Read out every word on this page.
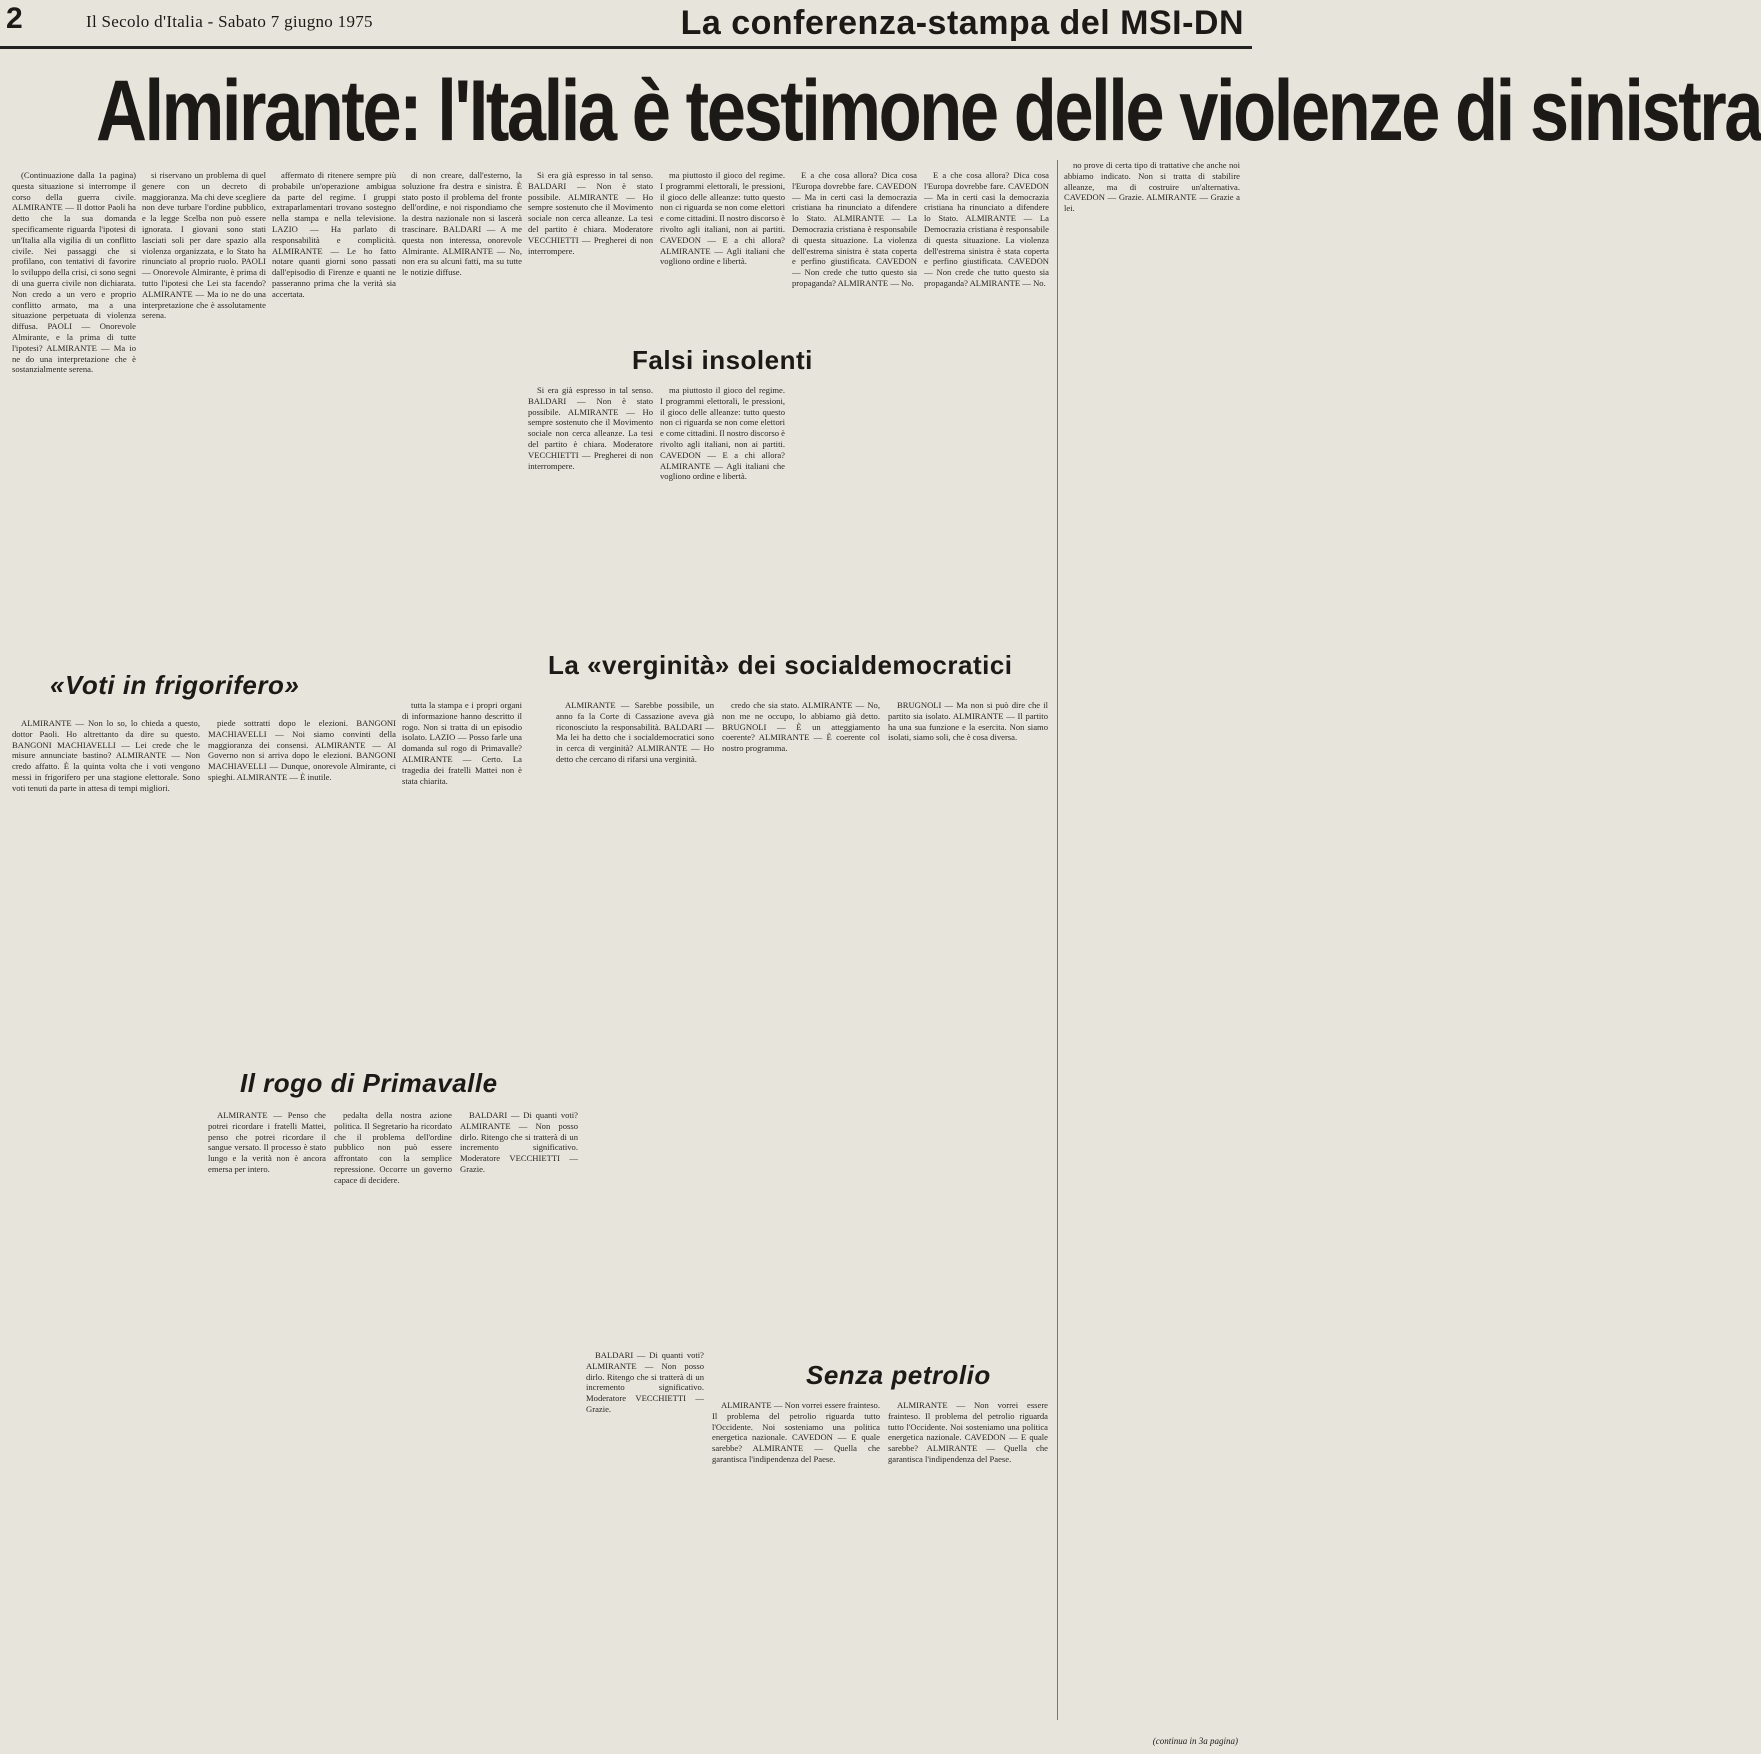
2	Il Secolo d'Italia - Sabato 7 giugno 1975	La conferenza-stampa del MSI-DN
Almirante: l'Italia è testimone delle violenze di sinistra

(Continuazione dalla 1a pagina) questa situazione si interrompe il corso della guerra civile. ALMIRANTE — Il dottor Paoli ha detto che la sua domanda specificamente riguarda l'ipotesi di un'Italia alla vigilia di un conflitto civile. Nei passaggi che si profilano, con tentativi di favorire lo sviluppo della crisi, ci sono segni di una guerra civile non dichiarata. Non credo a un vero e proprio conflitto armato, ma a una situazione perpetuata di violenza diffusa. PAOLI — Onorevole Almirante, e la prima di tutte l'ipotesi? ALMIRANTE — Ma io ne do una interpretazione che è sostanzialmente serena.

si riservano un problema di quel genere con un decreto di maggioranza. Ma chi deve scegliere non deve turbare l'ordine pubblico, e la legge Scelba non può essere ignorata. I giovani sono stati lasciati soli per dare spazio alla violenza organizzata, e lo Stato ha rinunciato al proprio ruolo. PAOLI — Onorevole Almirante, è prima di tutto l'ipotesi che Lei sta facendo? ALMIRANTE — Ma io ne do una interpretazione che è assolutamente serena.

affermato di ritenere sempre più probabile un'operazione ambigua da parte del regime. I gruppi extraparlamentari trovano sostegno nella stampa e nella televisione. LAZIO — Ha parlato di responsabilità e complicità. ALMIRANTE — Le ho fatto notare quanti giorni sono passati dall'episodio di Firenze e quanti ne passeranno prima che la verità sia accertata.

di non creare, dall'esterno, la soluzione fra destra e sinistra. È stato posto il problema del fronte dell'ordine, e noi rispondiamo che la destra nazionale non si lascerà trascinare. BALDARI — A me questa non interessa, onorevole Almirante. ALMIRANTE — No, non era su alcuni fatti, ma su tutte le notizie diffuse.

Falsi insolenti

Si era già espresso in tal senso. BALDARI — Non è stato possibile. ALMIRANTE — Ho sempre sostenuto che il Movimento sociale non cerca alleanze. La tesi del partito è chiara. Moderatore VECCHIETTI — Pregherei di non interrompere.

Si era già espresso in tal senso. BALDARI — Non è stato possibile. ALMIRANTE — Ho sempre sostenuto che il Movimento sociale non cerca alleanze. La tesi del partito è chiara. Moderatore VECCHIETTI — Pregherei di non interrompere.

ma piuttosto il gioco del regime. I programmi elettorali, le pressioni, il gioco delle alleanze: tutto questo non ci riguarda se non come elettori e come cittadini. Il nostro discorso è rivolto agli italiani, non ai partiti. CAVEDON — E a chi allora? ALMIRANTE — Agli italiani che vogliono ordine e libertà.

ma piuttosto il gioco del regime. I programmi elettorali, le pressioni, il gioco delle alleanze: tutto questo non ci riguarda se non come elettori e come cittadini. Il nostro discorso è rivolto agli italiani, non ai partiti. CAVEDON — E a chi allora? ALMIRANTE — Agli italiani che vogliono ordine e libertà.

E a che cosa allora? Dica cosa l'Europa dovrebbe fare. CAVEDON — Ma in certi casi la democrazia cristiana ha rinunciato a difendere lo Stato. ALMIRANTE — La Democrazia cristiana è responsabile di questa situazione. La violenza dell'estrema sinistra è stata coperta e perfino giustificata. CAVEDON — Non crede che tutto questo sia propaganda? ALMIRANTE — No.

E a che cosa allora? Dica cosa l'Europa dovrebbe fare. CAVEDON — Ma in certi casi la democrazia cristiana ha rinunciato a difendere lo Stato. ALMIRANTE — La Democrazia cristiana è responsabile di questa situazione. La violenza dell'estrema sinistra è stata coperta e perfino giustificata. CAVEDON — Non crede che tutto questo sia propaganda? ALMIRANTE — No.

no prove di certa tipo di trattative che anche noi abbiamo indicato. Non si tratta di stabilire alleanze, ma di costruire un'alternativa. CAVEDON — Grazie. ALMIRANTE — Grazie a lei.

«Voti in frigorifero»

ALMIRANTE — Non lo so, lo chieda a questo, dottor Paoli. Ho altrettanto da dire su questo. BANGONI MACHIAVELLI — Lei crede che le misure annunciate bastino? ALMIRANTE — Non credo affatto. È la quinta volta che i voti vengono messi in frigorifero per una stagione elettorale. Sono voti tenuti da parte in attesa di tempi migliori.

piede sottratti dopo le elezioni. BANGONI MACHIAVELLI — Noi siamo convinti della maggioranza dei consensi. ALMIRANTE — Al Governo non si arriva dopo le elezioni. BANGONI MACHIAVELLI — Dunque, onorevole Almirante, ci spieghi. ALMIRANTE — È inutile.

La «verginità» dei socialdemocratici

tutta la stampa e i propri organi di informazione hanno descritto il rogo. Non si tratta di un episodio isolato. LAZIO — Posso farle una domanda sul rogo di Primavalle? ALMIRANTE — Certo. La tragedia dei fratelli Mattei non è stata chiarita.

ALMIRANTE — Sarebbe possibile, un anno fa la Corte di Cassazione aveva già riconosciuto la responsabilità. BALDARI — Ma lei ha detto che i socialdemocratici sono in cerca di verginità? ALMIRANTE — Ho detto che cercano di rifarsi una verginità.

credo che sia stato. ALMIRANTE — No, non me ne occupo, lo abbiamo già detto. BRUGNOLI — È un atteggiamento coerente? ALMIRANTE — È coerente col nostro programma.

BRUGNOLI — Ma non si può dire che il partito sia isolato. ALMIRANTE — Il partito ha una sua funzione e la esercita. Non siamo isolati, siamo soli, che è cosa diversa.

Il rogo di Primavalle

ALMIRANTE — Penso che potrei ricordare i fratelli Mattei, penso che potrei ricordare il sangue versato. Il processo è stato lungo e la verità non è ancora emersa per intero.

pedalta della nostra azione politica. Il Segretario ha ricordato che il problema dell'ordine pubblico non può essere affrontato con la semplice repressione. Occorre un governo capace di decidere.

BALDARI — Di quanti voti? ALMIRANTE — Non posso dirlo. Ritengo che si tratterà di un incremento significativo. Moderatore VECCHIETTI — Grazie.

Senza petrolio

BALDARI — Di quanti voti? ALMIRANTE — Non posso dirlo. Ritengo che si tratterà di un incremento significativo. Moderatore VECCHIETTI — Grazie.	ALMIRANTE — Non vorrei essere frainteso. Il problema del petrolio riguarda tutto l'Occidente. Noi sosteniamo una politica energetica nazionale. CAVEDON — E quale sarebbe? ALMIRANTE — Quella che garantisca l'indipendenza del Paese.

ALMIRANTE — Non vorrei essere frainteso. Il problema del petrolio riguarda tutto l'Occidente. Noi sosteniamo una politica energetica nazionale. CAVEDON — E quale sarebbe? ALMIRANTE — Quella che garantisca l'indipendenza del Paese.

(continua in 3a pagina)
